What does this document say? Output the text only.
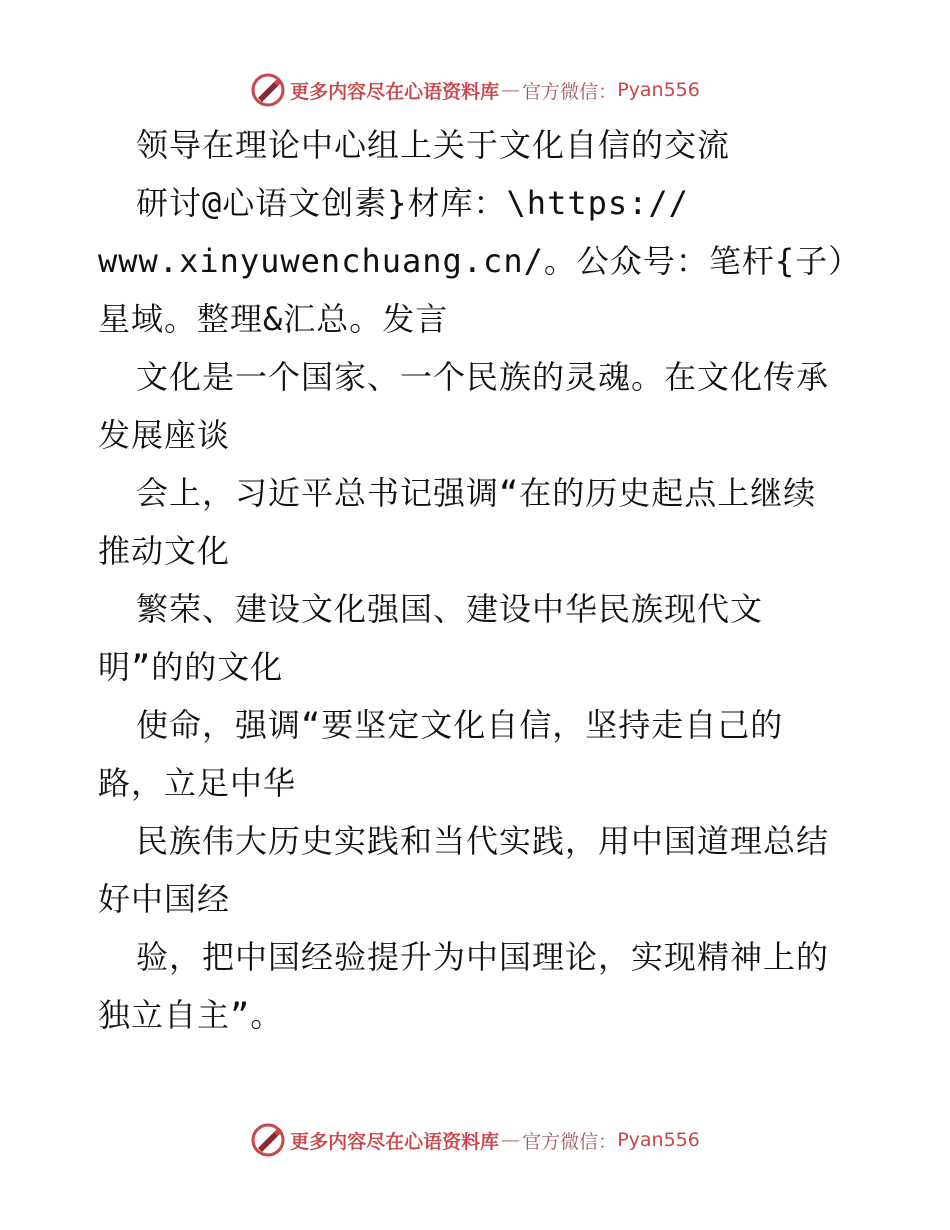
更多内容尽在心语资料库 — 官方微信： Pyan556

领导在理论中心组上关于文化自信的交流

研讨@心语文创素}材库：\https://

www.xinyuwenchuang.cn/。公众号：笔杆{子）星域。整理&汇总。发言

文化是一个国家、一个民族的灵魂。在文化传承

发展座谈

会上，习近平总书记强调“在的历史起点上继续

推动文化

繁荣、建设文化强国、建设中华民族现代文

明”的的文化

使命，强调“要坚定文化自信，坚持走自己的

路，立足中华

民族伟大历史实践和当代实践，用中国道理总结

好中国经

验，把中国经验提升为中国理论，实现精神上的

独立自主”。

更多内容尽在心语资料库 — 官方微信： Pyan556
